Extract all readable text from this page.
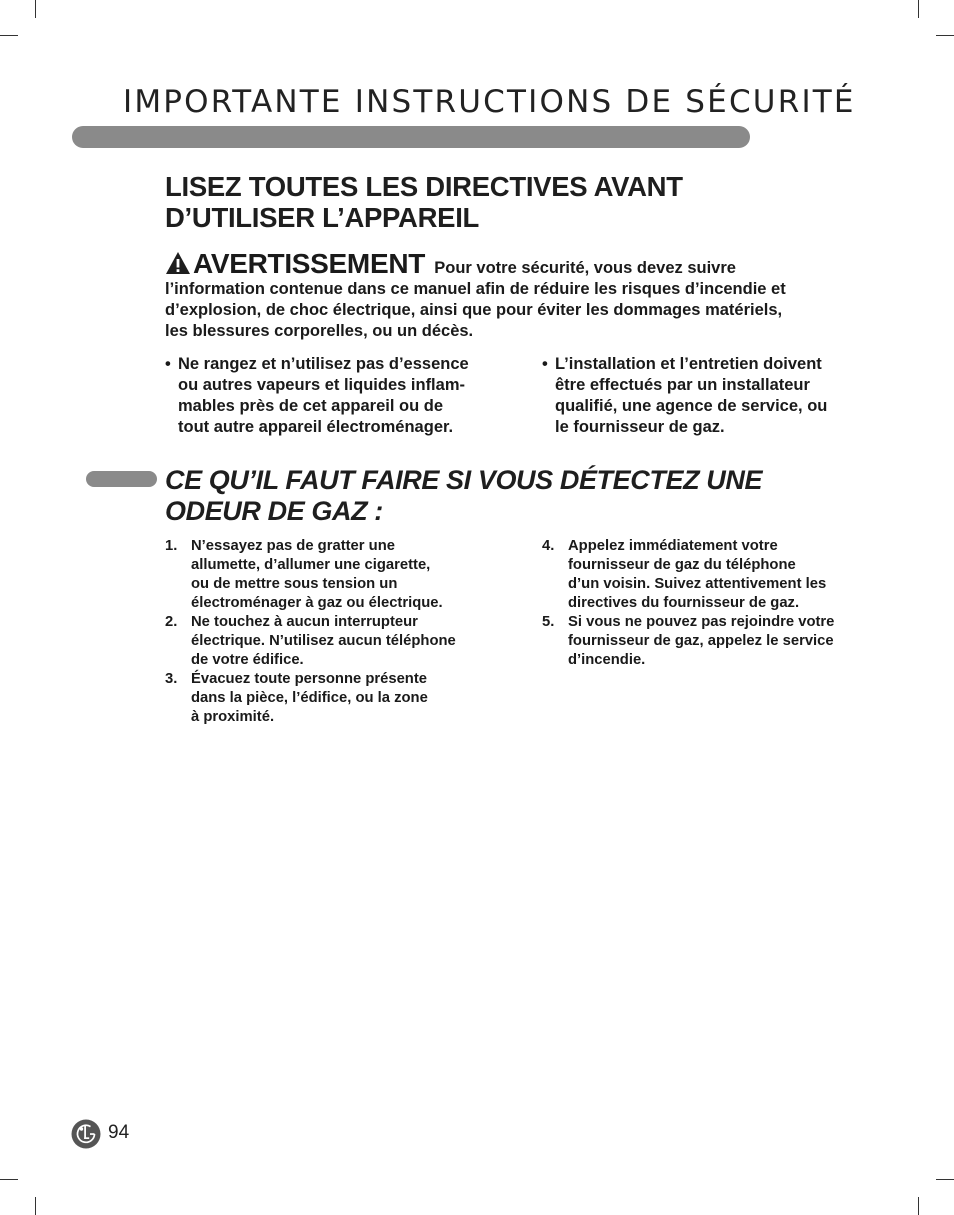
IMPORTANTE INSTRUCTIONS DE SÉCURITÉ
LISEZ TOUTES LES DIRECTIVES AVANT
D’UTILISER L’APPAREIL

AVERTISSEMENT Pour votre sécurité, vous devez suivre
l’information contenue dans ce manuel afin de réduire les risques d’incendie et
d’explosion, de choc électrique, ainsi que pour éviter les dommages matériels,
les blessures corporelles, ou un décès.

• Ne rangez et n’utilisez pas d’essence
ou autres vapeurs et liquides inflam-
mables près de cet appareil ou de
tout autre appareil électroménager.
• L’installation et l’entretien doivent
être effectués par un installateur
qualifié, une agence de service, ou
le fournisseur de gaz.
CE QU’IL FAUT FAIRE SI VOUS DÉTECTEZ UNE
ODEUR DE GAZ :
1. N’essayez pas de gratter une
allumette, d’allumer une cigarette,
ou de mettre sous tension un
électroménager à gaz ou électrique.
2. Ne touchez à aucun interrupteur
électrique. N’utilisez aucun téléphone
de votre édifice.
3. Évacuez toute personne présente
dans la pièce, l’édifice, ou la zone
à proximité.
4. Appelez immédiatement votre
fournisseur de gaz du téléphone
d’un voisin. Suivez attentivement les
directives du fournisseur de gaz.
5. Si vous ne pouvez pas rejoindre votre
fournisseur de gaz, appelez le service
d’incendie.
94
